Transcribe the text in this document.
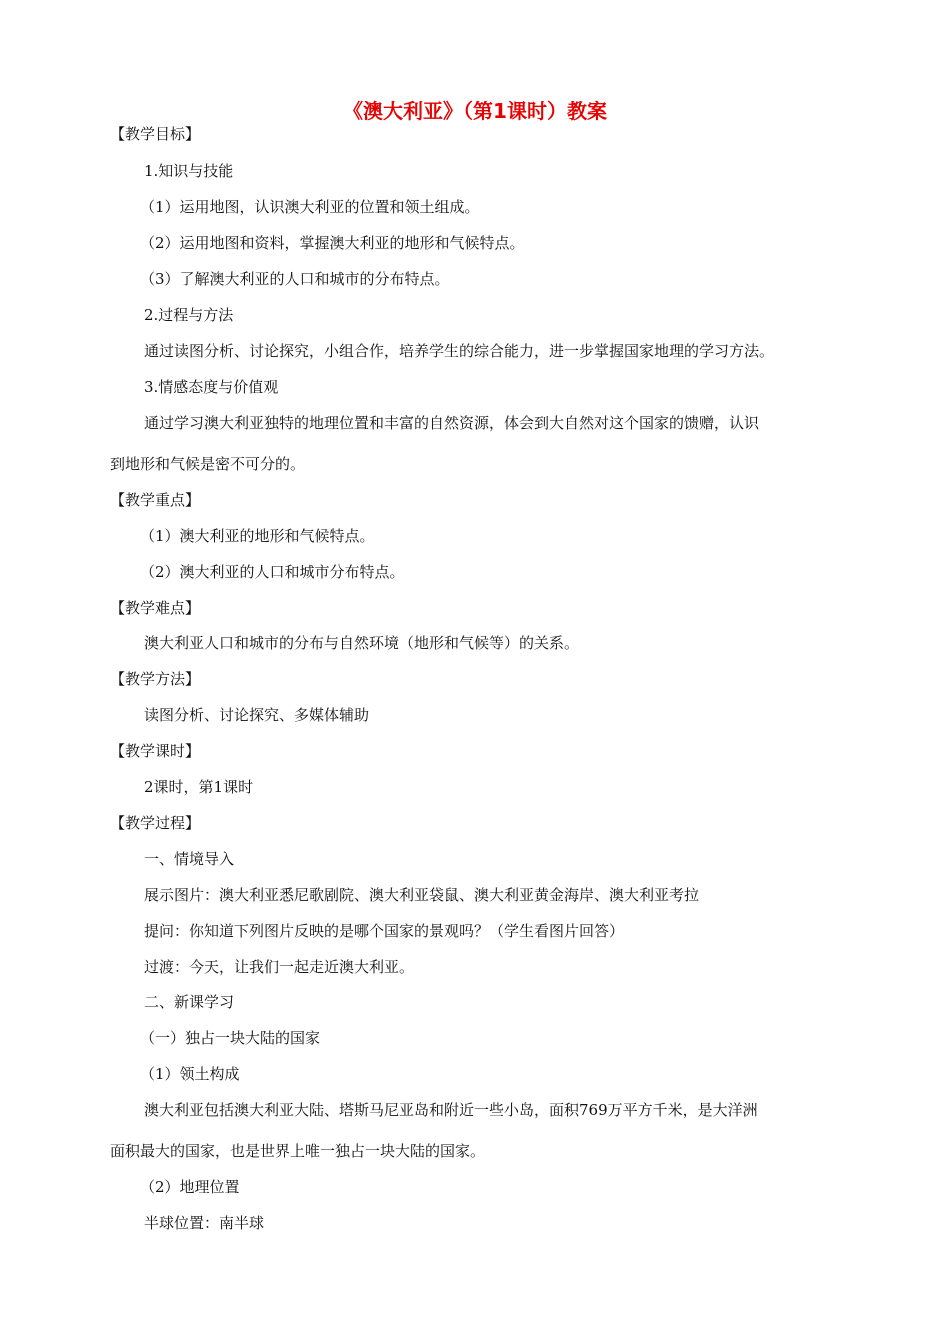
《澳大利亚》（第1课时）教案
【教学目标】
1.知识与技能
（1）运用地图，认识澳大利亚的位置和领土组成。
（2）运用地图和资料，掌握澳大利亚的地形和气候特点。
（3）了解澳大利亚的人口和城市的分布特点。
2.过程与方法
通过读图分析、讨论探究，小组合作，培养学生的综合能力，进一步掌握国家地理的学习方法。
3.情感态度与价值观
通过学习澳大利亚独特的地理位置和丰富的自然资源，体会到大自然对这个国家的馈赠，认识
到地形和气候是密不可分的。
【教学重点】
（1）澳大利亚的地形和气候特点。
（2）澳大利亚的人口和城市分布特点。
【教学难点】
澳大利亚人口和城市的分布与自然环境（地形和气候等）的关系。
【教学方法】
读图分析、讨论探究、多媒体辅助
【教学课时】
2课时，第1课时
【教学过程】
一、情境导入
展示图片：澳大利亚悉尼歌剧院、澳大利亚袋鼠、澳大利亚黄金海岸、澳大利亚考拉
提问：你知道下列图片反映的是哪个国家的景观吗？（学生看图片回答）
过渡：今天，让我们一起走近澳大利亚。
二、新课学习
（一）独占一块大陆的国家
（1）领土构成
澳大利亚包括澳大利亚大陆、塔斯马尼亚岛和附近一些小岛，面积769万平方千米，是大洋洲
面积最大的国家，也是世界上唯一独占一块大陆的国家。
（2）地理位置
半球位置：南半球
